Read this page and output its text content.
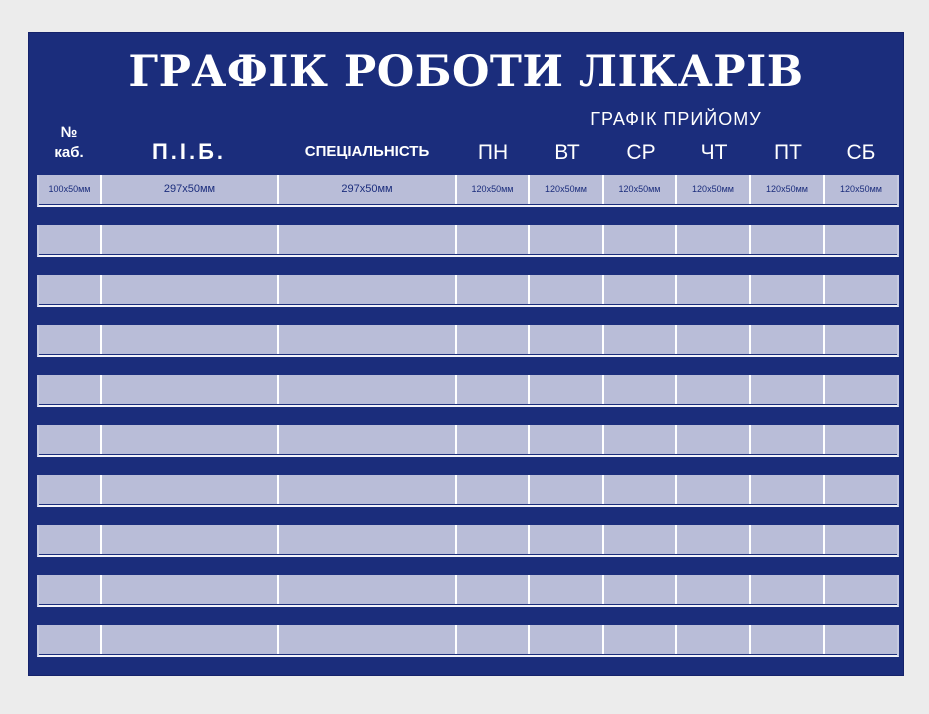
ГРАФІК РОБОТИ ЛІКАРІВ
ГРАФІК ПРИЙОМУ
№
каб.	П.І.Б.	СПЕЦІАЛЬНІСТЬ	ПН	ВТ	СР	ЧТ	ПТ	СБ
100х50мм	297х50мм	297х50мм	120х50мм	120х50мм	120х50мм	120х50мм	120х50мм	120х50мм
